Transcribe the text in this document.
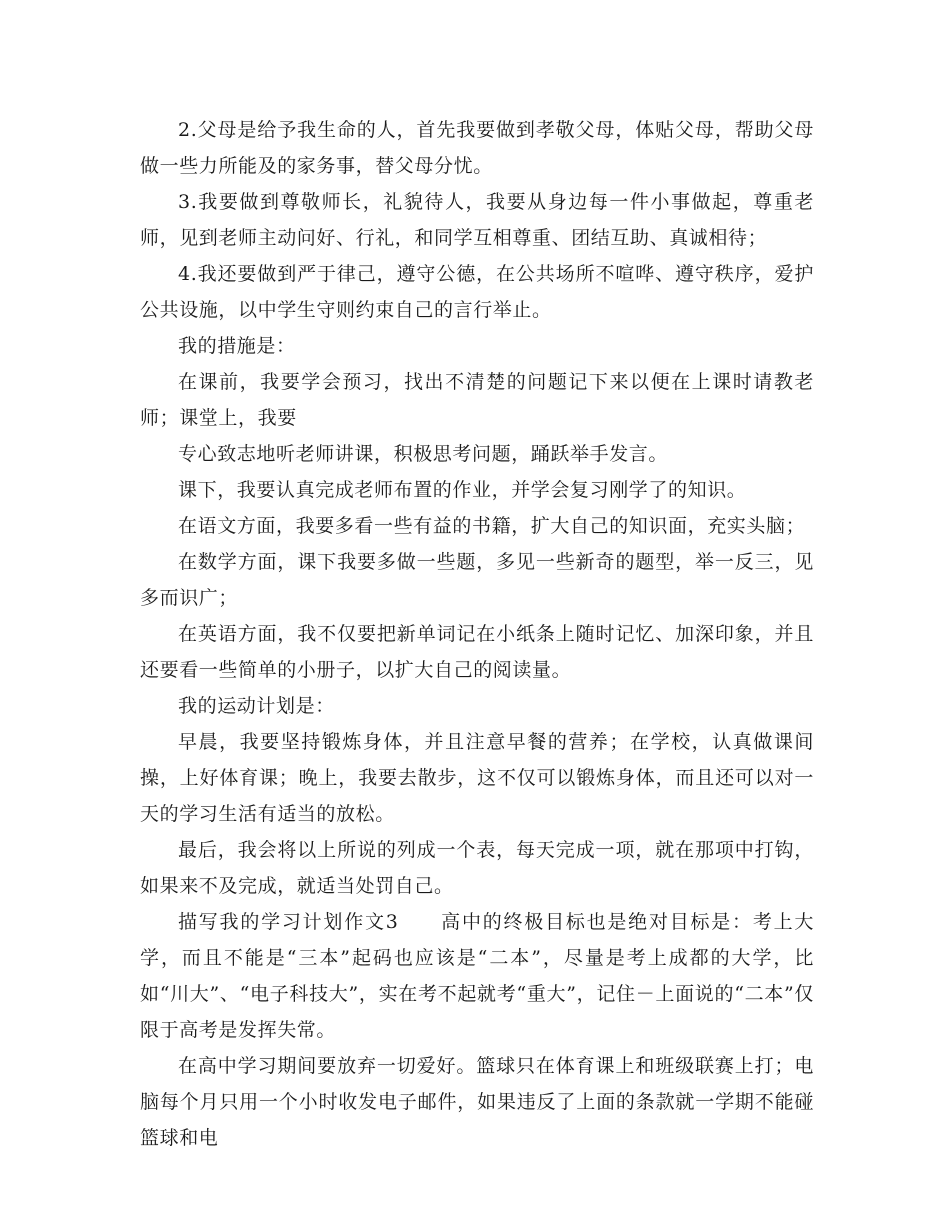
2.父母是给予我生命的人，首先我要做到孝敬父母，体贴父母，帮助父母做一些力所能及的家务事，替父母分忧。

3.我要做到尊敬师长，礼貌待人，我要从身边每一件小事做起，尊重老师，见到老师主动问好、行礼，和同学互相尊重、团结互助、真诚相待；

4.我还要做到严于律己，遵守公德，在公共场所不喧哗、遵守秩序，爱护公共设施，以中学生守则约束自己的言行举止。

我的措施是：

在课前，我要学会预习，找出不清楚的问题记下来以便在上课时请教老师；课堂上，我要

专心致志地听老师讲课，积极思考问题，踊跃举手发言。

课下，我要认真完成老师布置的作业，并学会复习刚学了的知识。

在语文方面，我要多看一些有益的书籍，扩大自己的知识面，充实头脑；

在数学方面，课下我要多做一些题，多见一些新奇的题型，举一反三，见多而识广；

在英语方面，我不仅要把新单词记在小纸条上随时记忆、加深印象，并且还要看一些简单的小册子，以扩大自己的阅读量。

我的运动计划是：

早晨，我要坚持锻炼身体，并且注意早餐的营养；在学校，认真做课间操，上好体育课；晚上，我要去散步，这不仅可以锻炼身体，而且还可以对一天的学习生活有适当的放松。

最后，我会将以上所说的列成一个表，每天完成一项，就在那项中打钩，如果来不及完成，就适当处罚自己。

描写我的学习计划作文3　　高中的终极目标也是绝对目标是：考上大学，而且不能是“三本”起码也应该是“二本”，尽量是考上成都的大学，比如“川大”、“电子科技大”，实在考不起就考“重大”，记住－上面说的“二本”仅限于高考是发挥失常。

在高中学习期间要放弃一切爱好。篮球只在体育课上和班级联赛上打；电脑每个月只用一个小时收发电子邮件，如果违反了上面的条款就一学期不能碰篮球和电
